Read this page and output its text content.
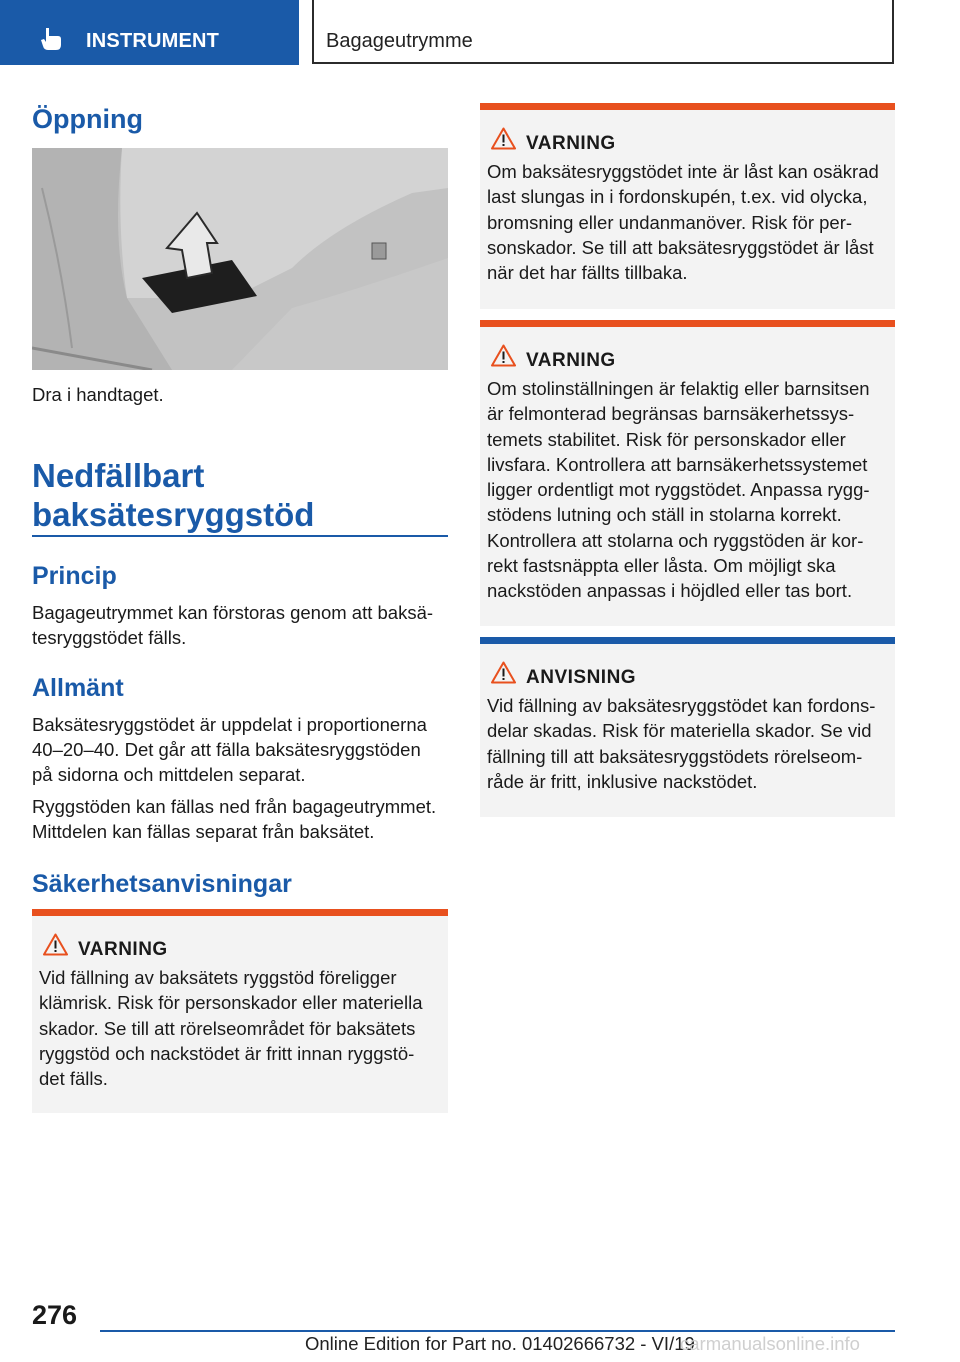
INSTRUMENT	Bagageutrymme
Öppning

Dra i handtaget.

Nedfällbart
baksätesryggstöd
Princip

Bagageutrymmet kan förstoras genom att baksä-

tesryggstödet fälls.

Allmänt

Baksätesryggstödet är uppdelat i proportionerna

40–20–40. Det går att fälla baksätesryggstöden

på sidorna och mittdelen separat.

Ryggstöden kan fällas ned från bagageutrymmet.

Mittdelen kan fällas separat från baksätet.

Säkerhetsanvisningar
VARNING
Vid fällning av baksätets ryggstöd föreligger
klämrisk. Risk för personskador eller materiella
skador. Se till att rörelseområdet för baksätets
ryggstöd och nackstödet är fritt innan ryggstö-
det fälls.
VARNING
Om baksätesryggstödet inte är låst kan osäkrad
last slungas in i fordonskupén, t.ex. vid olycka,
bromsning eller undanmanöver. Risk för per-
sonskador. Se till att baksätesryggstödet är låst
när det har fällts tillbaka.
VARNING
Om stolinställningen är felaktig eller barnsitsen
är felmonterad begränsas barnsäkerhetssys-
temets stabilitet. Risk för personskador eller
livsfara. Kontrollera att barnsäkerhetssystemet
ligger ordentligt mot ryggstödet. Anpassa rygg-
stödens lutning och ställ in stolarna korrekt.
Kontrollera att stolarna och ryggstöden är kor-
rekt fastsnäppta eller låsta. Om möjligt ska
nackstöden anpassas i höjdled eller tas bort.
ANVISNING
Vid fällning av baksätesryggstödet kan fordons-
delar skadas. Risk för materiella skador. Se vid
fällning till att baksätesryggstödets rörelseom-
råde är fritt, inklusive nackstödet.
276
Online Edition for Part no. 01402666732 - VI/19
carmanualsonline.info
